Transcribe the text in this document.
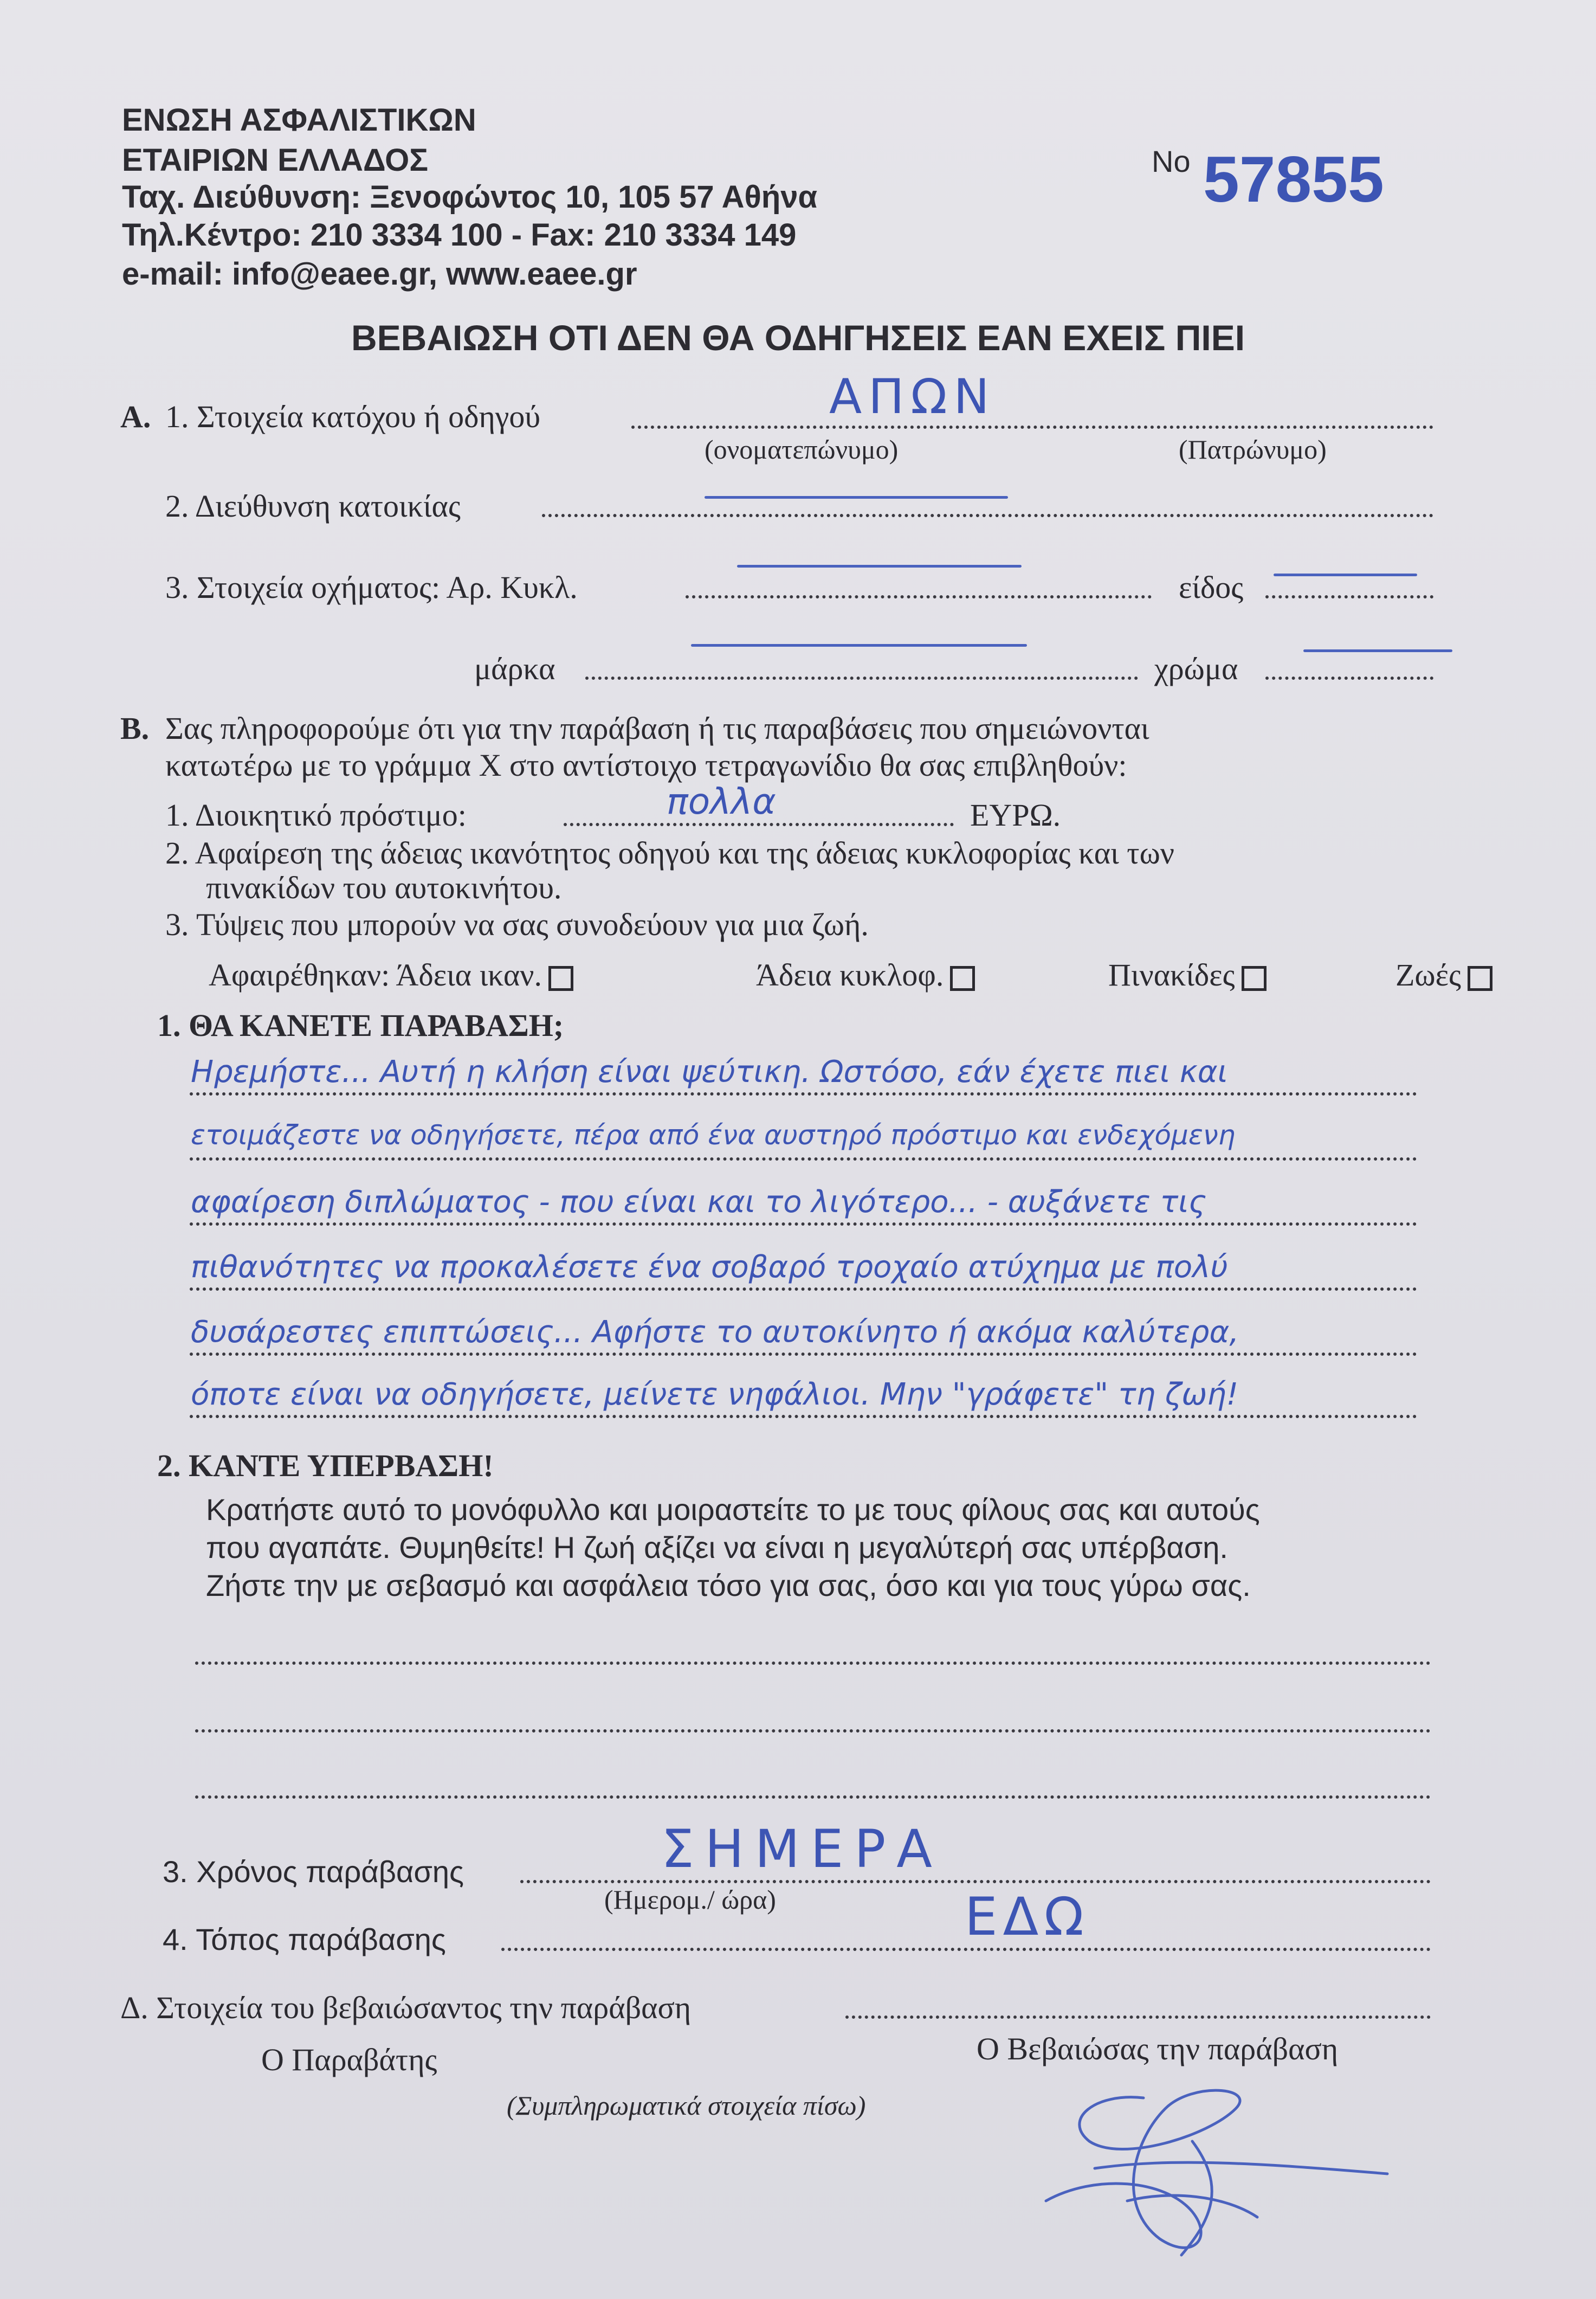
ΕΝΩΣΗ ΑΣΦΑΛΙΣΤΙΚΩΝ
ΕΤΑΙΡΙΩΝ ΕΛΛΑΔΟΣ
Ταχ. Διεύθυνση: Ξενοφώντος 10, 105 57 Αθήνα
Τηλ.Κέντρο: 210 3334 100 - Fax: 210 3334 149
e-mail: info@eaee.gr, www.eaee.gr
No 57855
ΒΕΒΑΙΩΣΗ ΟΤΙ ΔΕΝ ΘΑ ΟΔΗΓΗΣΕΙΣ ΕΑΝ ΕΧΕΙΣ ΠΙΕΙ
Α. 1. Στοιχεία κατόχου ή οδηγού	ΑΠΩΝ
(ονοματεπώνυμο)	(Πατρώνυμο)
2. Διεύθυνση κατοικίας
3. Στοιχεία οχήματος: Αρ. Κυκλ.	είδος
μάρκα	χρώμα
Β. Σας πληροφορούμε ότι για την παράβαση ή τις παραβάσεις που σημειώνονται
κατωτέρω με το γράμμα Χ στο αντίστοιχο τετραγωνίδιο θα σας επιβληθούν:
1. Διοικητικό πρόστιμο:	πολλα	ΕΥΡΩ.
2. Αφαίρεση της άδειας ικανότητος οδηγού και της άδειας κυκλοφορίας και των
πινακίδων του αυτοκινήτου.
3. Τύψεις που μπορούν να σας συνοδεύουν για μια ζωή.
Αφαιρέθηκαν: Άδεια ικαν.	Άδεια κυκλοφ.	Πινακίδες	Ζωές
1. ΘΑ ΚΑΝΕΤΕ ΠΑΡΑΒΑΣΗ;
Ηρεμήστε... Αυτή η κλήση είναι ψεύτικη. Ωστόσο, εάν έχετε πιει και
ετοιμάζεστε να οδηγήσετε, πέρα από ένα αυστηρό πρόστιμο και ενδεχόμενη
αφαίρεση διπλώματος - που είναι και το λιγότερο... - αυξάνετε τις
πιθανότητες να προκαλέσετε ένα σοβαρό τροχαίο ατύχημα με πολύ
δυσάρεστες επιπτώσεις... Αφήστε το αυτοκίνητο ή ακόμα καλύτερα,
όποτε είναι να οδηγήσετε, μείνετε νηφάλιοι. Μην "γράφετε" τη ζωή!
2. ΚΑΝΤΕ ΥΠΕΡΒΑΣΗ!
Κρατήστε αυτό το μονόφυλλο και μοιραστείτε το με τους φίλους σας και αυτούς
που αγαπάτε. Θυμηθείτε! Η ζωή αξίζει να είναι η μεγαλύτερή σας υπέρβαση.
Ζήστε την με σεβασμό και ασφάλεια τόσο για σας, όσο και για τους γύρω σας.
3. Χρόνος παράβασης	ΣΗΜΕΡΑ
(Ημερομ./ ώρα)
4. Τόπος παράβασης	ΕΔΩ
Δ. Στοιχεία του βεβαιώσαντος την παράβαση
Ο Παραβάτης	Ο Βεβαιώσας την παράβαση
(Συμπληρωματικά στοιχεία πίσω)
